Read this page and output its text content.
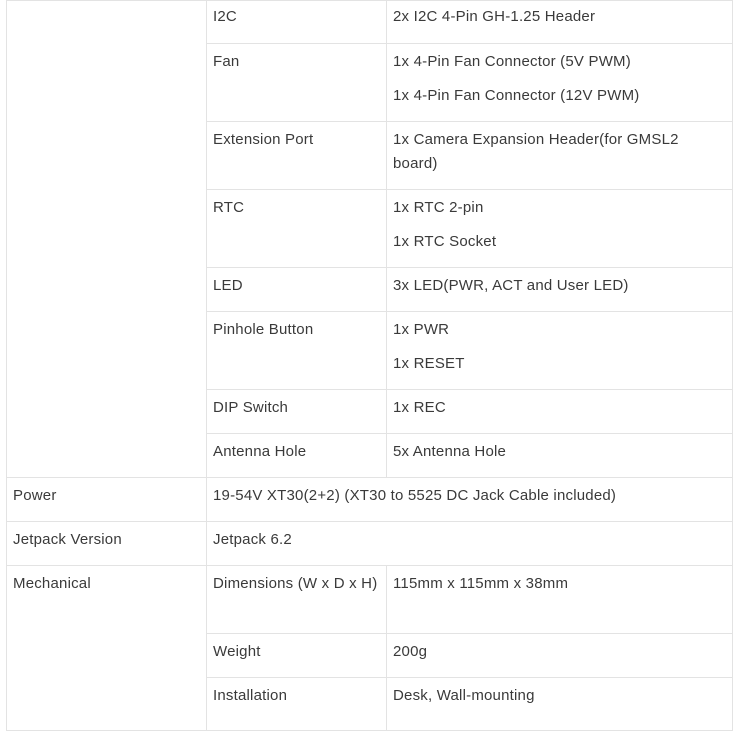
	I2C	2x I2C 4-Pin GH-1.25 Header

	Fan	1x 4-Pin Fan Connector (5V PWM)
1x 4-Pin Fan Connector (12V PWM)

	Extension Port	1x Camera Expansion Header(for GMSL2 board)

	RTC	1x RTC 2-pin
1x RTC Socket

	LED	3x LED(PWR, ACT and User LED)

	Pinhole Button	1x PWR
1x RESET

	DIP Switch	1x REC

	Antenna Hole	5x Antenna Hole

Power	19-54V XT30(2+2) (XT30 to 5525 DC Jack Cable included)	

Jetpack Version	Jetpack 6.2	

Mechanical	Dimensions (W x D x H)	115mm x 115mm x 38mm

	Weight	200g

	Installation	Desk, Wall-mounting
